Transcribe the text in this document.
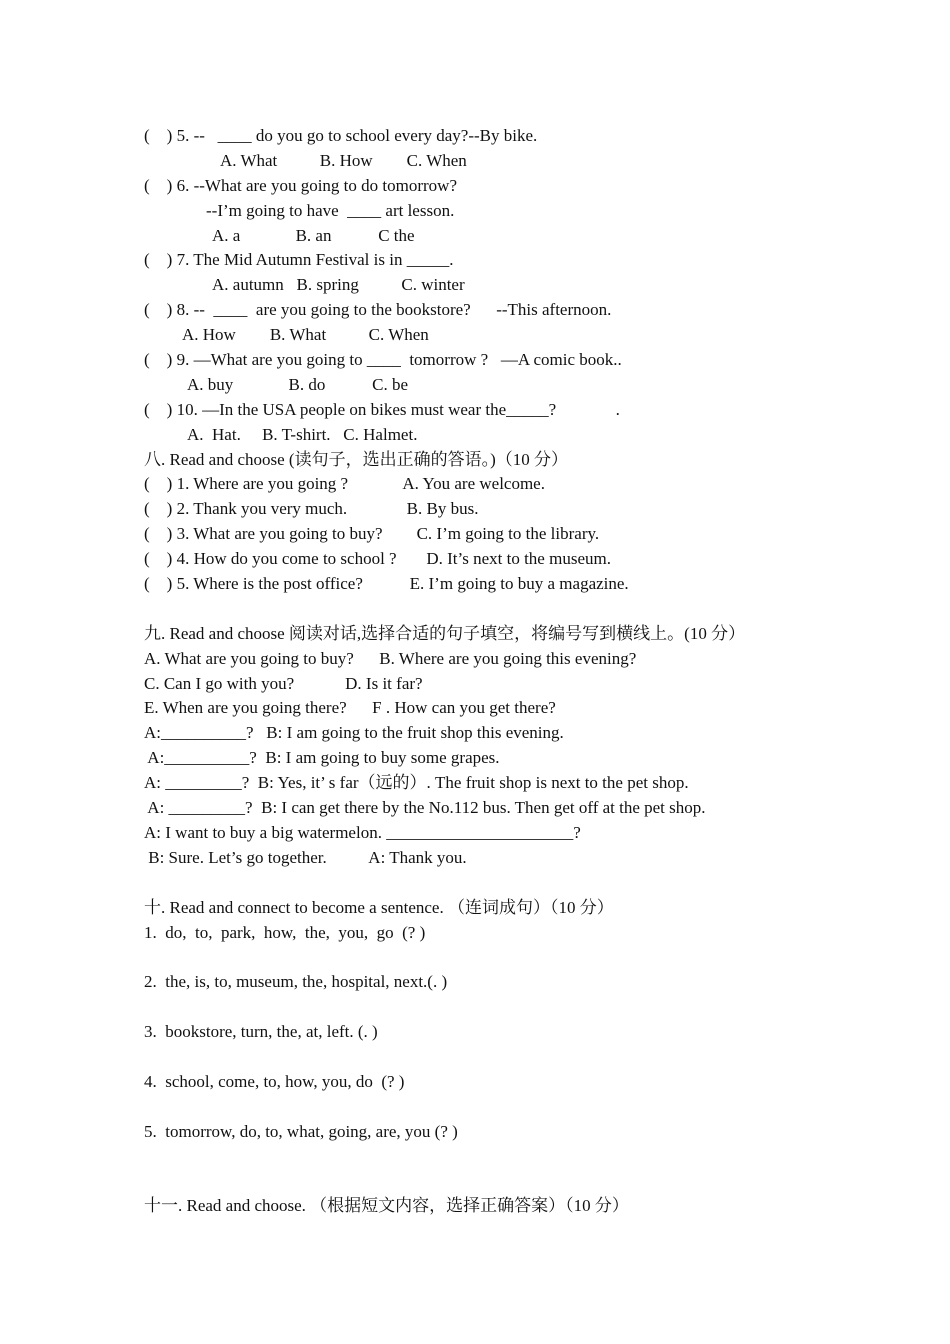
(    ) 5. --   ____ do you go to school every day?--By bike.
A. What          B. How        C. When
(    ) 6. --What are you going to do tomorrow?
--I’m going to have  ____ art lesson.
A. a             B. an           C the
(    ) 7. The Mid Autumn Festival is in _____.
A. autumn   B. spring          C. winter
(    ) 8. --  ____  are you going to the bookstore?      --This afternoon.
A. How        B. What          C. When
(    ) 9. —What are you going to ____  tomorrow ?   —A comic book..
A. buy             B. do           C. be
(    ) 10. —In the USA people on bikes must wear the_____?              .
A.  Hat.     B. T-shirt.   C. Halmet.
八. Read and choose (读句子，选出正确的答语。)（10 分）
(    ) 1. Where are you going ?             A. You are welcome.
(    ) 2. Thank you very much.              B. By bus.
(    ) 3. What are you going to buy?        C. I’m going to the library.
(    ) 4. How do you come to school ?       D. It’s next to the museum.
(    ) 5. Where is the post office?           E. I’m going to buy a magazine.
九. Read and choose 阅读对话,选择合适的句子填空，将编号写到横线上。(10 分）
A. What are you going to buy?      B. Where are you going this evening?
C. Can I go with you?            D. Is it far?
E. When are you going there?      F . How can you get there?
A:__________?   B: I am going to the fruit shop this evening.
A:__________?  B: I am going to buy some grapes.
A: _________?  B: Yes, it’ s far（远的）. The fruit shop is next to the pet shop.
A: _________?  B: I can get there by the No.112 bus. Then get off at the pet shop.
A: I want to buy a big watermelon. ______________________?
B: Sure. Let’s go together.          A: Thank you.
十. Read and connect to become a sentence. （连词成句）（10 分）
1.  do,  to,  park,  how,  the,  you,  go  (? )
2.  the, is, to, museum, the, hospital, next.(. )
3.  bookstore, turn, the, at, left. (. )
4.  school, come, to, how, you, do  (? )
5.  tomorrow, do, to, what, going, are, you (? )
十一. Read and choose. （根据短文内容，选择正确答案）（10 分）
